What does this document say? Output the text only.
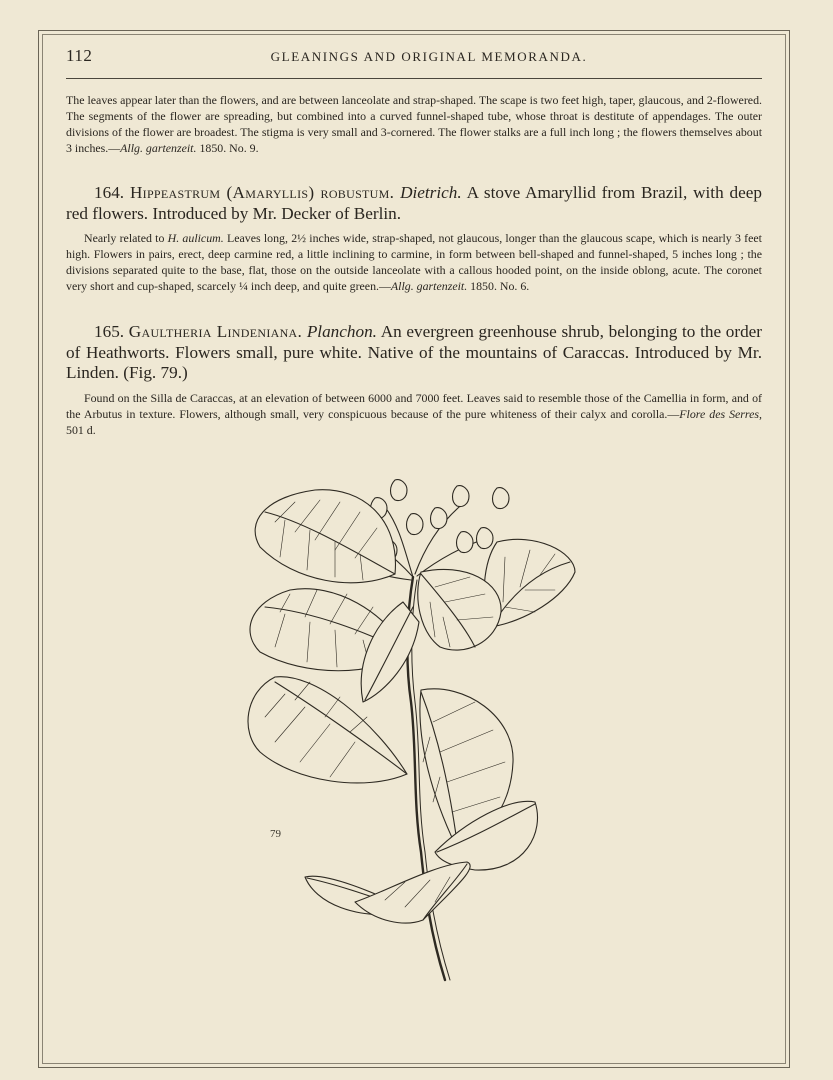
112	GLEANINGS AND ORIGINAL MEMORANDA.
The leaves appear later than the flowers, and are between lanceolate and strap-shaped. The scape is two feet high, taper, glaucous, and 2-flowered. The segments of the flower are spreading, but combined into a curved funnel-shaped tube, whose throat is destitute of appendages. The outer divisions of the flower are broadest. The stigma is very small and 3-cornered. The flower stalks are a full inch long ; the flowers themselves about 3 inches.—Allg. gartenzeit. 1850. No. 9.
164. Hippeastrum (Amaryllis) robustum. Dietrich. A stove Amaryllid from Brazil, with deep red flowers. Introduced by Mr. Decker of Berlin.
Nearly related to H. aulicum. Leaves long, 2½ inches wide, strap-shaped, not glaucous, longer than the glaucous scape, which is nearly 3 feet high. Flowers in pairs, erect, deep carmine red, a little inclining to carmine, in form between bell-shaped and funnel-shaped, 5 inches long ; the divisions separated quite to the base, flat, those on the outside lanceolate with a callous hooded point, on the inside oblong, acute. The coronet very short and cup-shaped, scarcely ¼ inch deep, and quite green.—Allg. gartenzeit. 1850. No. 6.
165. Gaultheria Lindeniana. Planchon. An evergreen greenhouse shrub, belonging to the order of Heathworts. Flowers small, pure white. Native of the mountains of Caraccas. Introduced by Mr. Linden. (Fig. 79.)
Found on the Silla de Caraccas, at an elevation of between 6000 and 7000 feet. Leaves said to resemble those of the Camellia in form, and of the Arbutus in texture. Flowers, although small, very conspicuous because of the pure whiteness of their calyx and corolla.—Flore des Serres, 501 d.
79
